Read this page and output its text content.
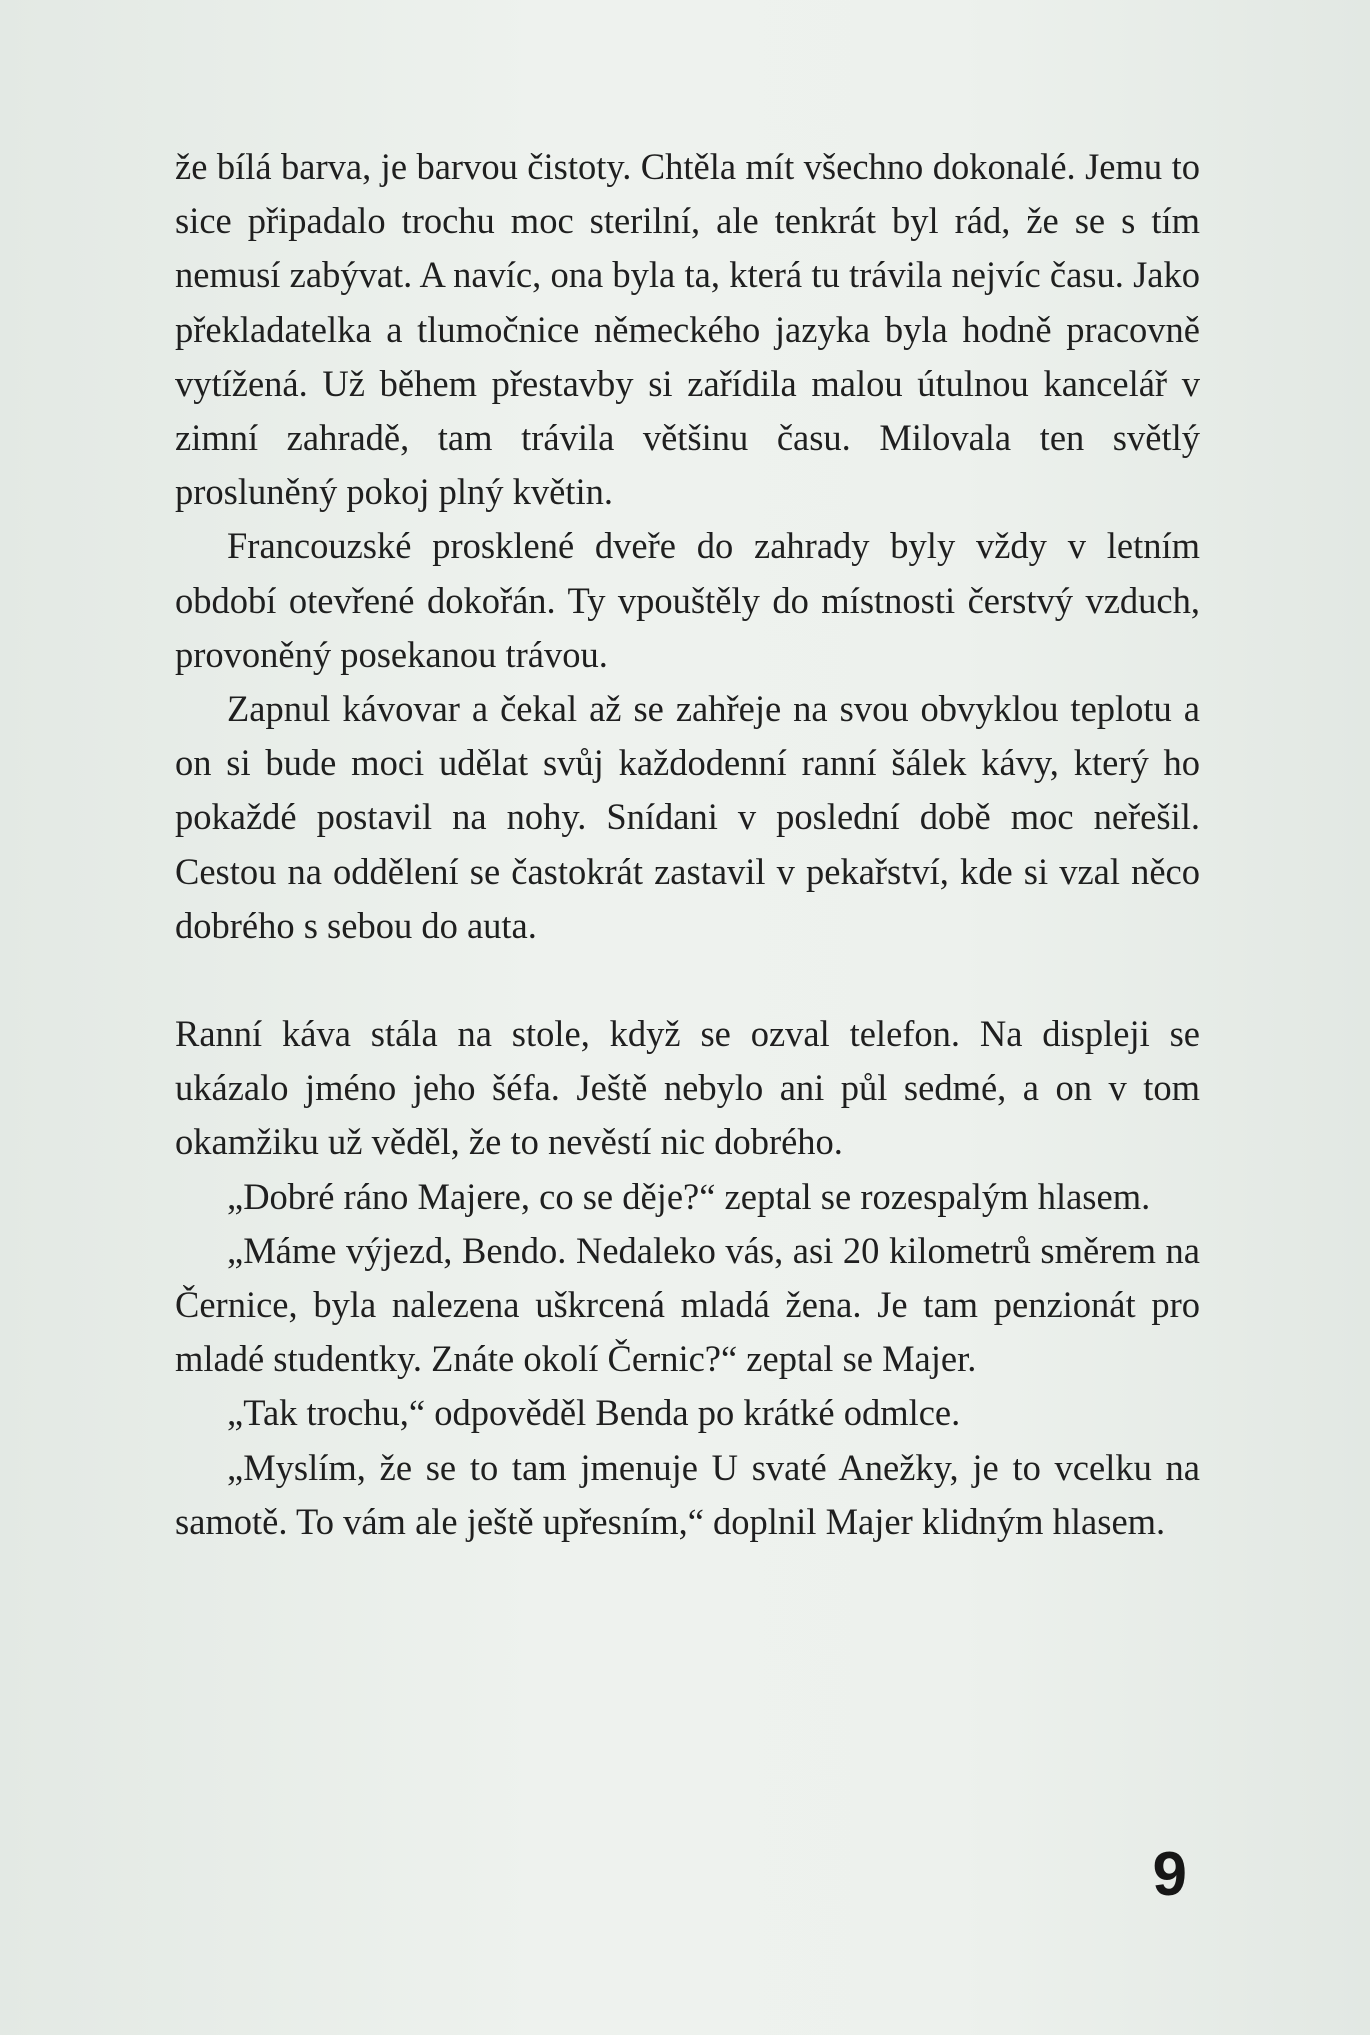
že bílá barva, je barvou čistoty. Chtěla mít všechno dokonalé. Jemu to sice připadalo trochu moc sterilní, ale tenkrát byl rád, že se s tím nemusí zabývat. A navíc, ona byla ta, která tu trávila nejvíc času. Jako překladatelka a tlumočnice německého jazyka byla hodně pracovně vytížená. Už během přestavby si zařídila malou útulnou kancelář v zimní zahradě, tam trávila většinu času. Milovala ten světlý prosluněný pokoj plný květin.

Francouzské prosklené dveře do zahrady byly vždy v letním období otevřené dokořán. Ty vpouštěly do místnosti čerstvý vzduch, provoněný posekanou trávou.

Zapnul kávovar a čekal až se zahřeje na svou obvyklou teplotu a on si bude moci udělat svůj každodenní ranní šálek kávy, který ho pokaždé postavil na nohy. Snídani v poslední době moc neřešil. Cestou na oddělení se častokrát zastavil v pekařství, kde si vzal něco dobrého s sebou do auta.

Ranní káva stála na stole, když se ozval telefon. Na displeji se ukázalo jméno jeho šéfa. Ještě nebylo ani půl sedmé, a on v tom okamžiku už věděl, že to nevěstí nic dobrého.

„Dobré ráno Majere, co se děje?“ zeptal se rozespalým hlasem.

„Máme výjezd, Bendo. Nedaleko vás, asi 20 kilometrů směrem na Černice, byla nalezena uškrcená mladá žena. Je tam penzionát pro mladé studentky. Znáte okolí Černic?“ zeptal se Majer.

„Tak trochu,“ odpověděl Benda po krátké odmlce.

„Myslím, že se to tam jmenuje U svaté Anežky, je to vcelku na samotě. To vám ale ještě upřesním,“ doplnil Majer klidným hlasem.

9
